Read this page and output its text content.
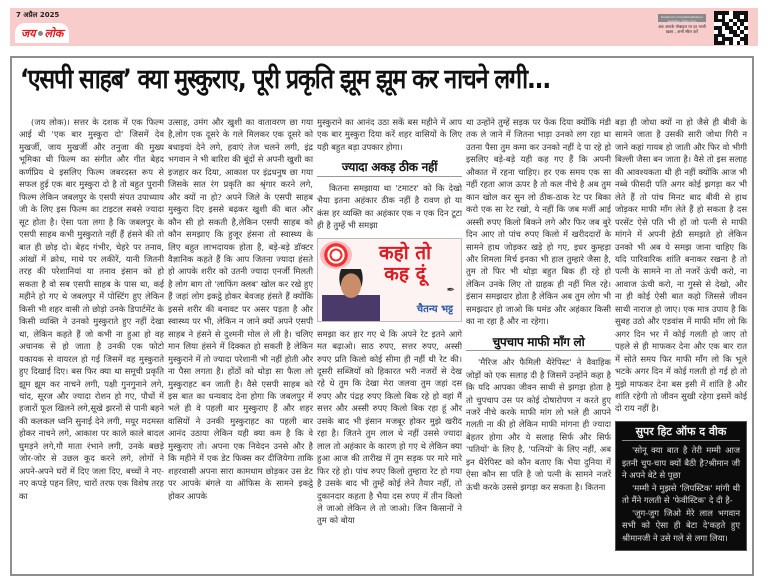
7 अप्रैल 2025
जय लोक
facebook.com/jailokjabalpur website: jailok.com
अब आपके मोबाइल पर हर ताजी ख़बर , अभी स्कैन करें
‘एसपी साहब’ क्या मुस्कुराए, पूरी प्रकृति झूम झूम कर नाचने लगी...

(जय लोक)। सत्तर के दशक में एक फिल्म आई थी 'एक बार मुस्कुरा दो' जिसमें देव मुखर्जी, जाय मुखर्जी और तनुजा की मुख्य भूमिका थी फिल्म का संगीत और गीत बेहद कर्णप्रिय थे इसलिए फिल्म जबरदस्त रूप से सफल हुई एक बार मुस्कुरा दो है तो बहुत पुरानी फिल्म लेकिन जबलपुर के एसपी संपत उपाध्याय जी के लिए इस फिल्म का टाइटल सबसे ज्यादा सूट होता है। ऐसा पता लगा है कि जबलपुर के एसपी साहब कभी मुस्कुराते नहीं हैं हंसने की तो बात ही छोड़ दो। बेहद गंभीर, चेहरे पर तनाव, आंखों में क्रोध, माथे पर लकीरें, यानी जितनी तरह की परेशानियां या तनाव इंसान को हो सकता है वो सब एसपी साहब के पास था, कई महीने हो गए थे जबलपुर में पोस्टिंग हुए लेकिन किसी भी शहर वासी तो छोड़ो उनके डिपार्टमेंट के किसी व्यक्ति ने उनको मुस्कुराते हुए नहीं देखा था, लेकिन कहते हैं जो कभी ना हुआ हो वह अचानक से हो जाता है उनकी एक फोटो यकायक से वायरल हो गई जिसमें वह मुस्कुराते हुए दिखाई दिए। बस फिर क्या था समूची प्रकृति झूम झूम कर नाचने लगी, पक्षी गुनगुनाने लगे, चांद, सूरज और ज्यादा रोशन हो गए, पौधों में हजारों फूल खिलने लगे,सूखे झरनों से पानी बहने की कलकल ध्वनि सुनाई देने लगी, मयूर मदमस्त होकर नाचने लगे, आकाश पर काले काले बादल घुमड़ने लगे,गौ माता रंभाने लगी, उनके बछड़े जोर-जोर से उछल कूद करने लगे, लोगों ने अपने-अपने घरों में दिए जला दिए, बच्चों ने नए-नए कपड़े पहन लिए, चारों तरफ एक विशेष तरह का

उत्साह, उमंग और खुशी का वातावरण छा गया है,लोग एक दूसरे के गले मिलकर एक दूसरे को बधाइयां देने लगे, हवाएं तेज चलने लगी, इंद्र भगवान ने भी बारिश की बूंदों से अपनी खुशी का इजहार कर दिया, आकाश पर इंद्रधनुष छा गया जिसके सात रंग प्रकृति का श्रृंगार करने लगे, और क्यों ना हो? अपने जिले के एसपी साहब मुस्कुरा दिए इससे बढ़कर खुशी की बात और कौन सी हो सकती है,लेकिन एसपी साहब को कौन समझाए कि हुजूर हंसना तो स्वास्थ्य के लिए बहुत लाभदायक होता है, बड़े-बड़े डॉक्टर वैज्ञानिक कहते हैं कि आप जितना ज्यादा हंसते हो आपके शरीर को उतनी ज्यादा एनर्जी मिलती है लोग बाग तो 'लाफिंग क्लब' खोल कर रखे हुए हैं जहां लोग इकट्ठे होकर बेवजह हंसते हैं क्योंकि इससे शरीर की बनावट पर असर पड़ता है और स्वास्थ्य पर भी, लेकिन न जाने क्यों अपने एसपी साहब ने हंसने से दुश्मनी मोल ले ली है। चलिए मान लिया हंसने में दिक्कत हो सकती है लेकिन मुस्कुराने में तो ज्यादा परेशानी भी नहीं होती और ना पैसा लगता है। होंठों को थोड़ा सा फैला लो मुस्कुराहट बन जाती है। वैसे एसपी साहब को इस बात का धन्यवाद देना होगा कि जबलपुर में भले ही वे पहली बार मुस्कुराए हैं और शहर वासियों ने उनकी मुस्कुराहट का पहली बार आनंद उठाया लेकिन यही क्या कम है कि वे मुस्कुराए तो। अपना एक निवेदन उनसे और है कि महीने में एक डेट फिक्स कर दीजियेगा ताकि शहरवासी अपना सारा कामधाम छोड़कर उस डेट पर आपके बंगले या ऑफिस के सामने इकट्ठे होकर आपके

मुस्कुराने का आनंद उठा सकें बस महीने में आप एक बार मुस्कुरा दिया करें शहर वासियों के लिए यही बहुत बड़ा उपकार होगा।

ज्यादा अकड़ ठीक नहीं

कितना समझाया था 'टमाटर' को कि देखो भैया इतना अहंकार ठीक नहीं है रावण हो या कंस हर व्यक्ति का अहंकार एक न एक दिन टूटा ही है तुम्हें भी समझा

कहो तो
कह दूं
✒
चैतन्य भट्ट

समझा कर हार गए थे कि अपने रेट इतने आगे मत बढ़ाओ। साठ रुपए, सत्तर रुपए, अस्सी रुपए प्रति किलो कोई सीमा ही नहीं थी रेट की। दूसरी सब्जियों को हिकारत भरी नजरों से देख रहे थे तुम कि देखा मेरा जलवा तुम जहां दस रुपए और पंद्रह रुपए किलो बिक रहे हो वहां मैं सत्तर और अस्सी रुपए किलो बिक रहा हूं और उसके बाद भी इंसान मजबूर होकर मुझे खरीद रहा है। जितने तुम लाल थे नहीं उससे ज्यादा लाल तो अहंकार के कारण हो गए थे लेकिन क्या हुआ आज की तारीख में तुम सड़क पर मारे मारे फिर रहे हो। पांच रुपए किलो तुम्हारा रेट हो गया है उसके बाद भी तुम्हें कोई लेने तैयार नहीं, तो दुकानदार कहता है भैया दस रुपए में तीन किलो ले जाओ लेकिन ले तो जाओ। जिन किसानों ने तुम को बोया

था उन्होंने तुम्हें सड़क पर फेंक दिया क्योंकि मंडी तक ले जाने में जितना भाड़ा उनको लग रहा था उतना पैसा तुम कमा कर उनको नहीं दे पा रहे हो इसलिए बड़े-बड़े यही कह गए हैं कि अपनी औकात में रहना चाहिए। हर एक समय एक सा नहीं रहता आज ऊपर है तो कल नीचे है अब तुम कान खोल कर सुन लो ठीक-ठाक रेट पर बिका करो एक सा रेट रखो, ये नहीं कि जब मर्जी आई अस्सी रुपए किलो बिकने लगे और फिर जब बुरे दिन आए तो पांच रुपए किलो में खरीददारों के सामने हाथ जोड़कर खड़े हो गए, इधर कुम्हड़ा और शिमला मिर्च इनका भी हाल तुम्हारे जैसा है, तुम तो फिर भी थोड़ा बहुत बिक ही रहे हो लेकिन उनके लिए तो ग्राहक ही नहीं मिल रहे। इंसान समझदार होता है लेकिन अब तुम लोग भी समझदार हो जाओ कि घमंड और अहंकार किसी का ना रहा है और ना रहेगा।

चुपचाप माफी माँग लो

'मैरिज और फैमिली थैरेपिस्ट' ने वैवाहिक जोड़ों को एक सलाह दी है जिसमें उन्होंने कहा है कि यदि आपका जीवन साथी से झगड़ा होता है तो चुपचाप उस पर कोई दोषारोपण न करते हुए नजरें नीचे करके माफी मांग लो भले ही आपने गलती ना की हो लेकिन माफी मांगना ही ज्यादा बेहतर होगा और ये सलाह सिर्फ और सिर्फ 'पतियों' के लिए है, 'पत्नियों' के लिए नहीं, अब इन थैरेपिस्ट को कौन बताए कि भैया दुनिया में ऐसा कौन सा पति है जो पत्नी के सामने नजरें ऊंची करके उससे झगड़ा कर सकता है। कितना

बड़ा ही जोधा क्यों ना हो जैसे ही बीवी के सामने जाता है उसकी सारी जोधा गिरी न जाने कहां गायब हो जाती और फिर वो भीगी बिल्ली जैसा बन जाता है। वैसे तो इस सलाह की आवश्यकता थी ही नहीं क्योंकि आज भी नब्बे फीसदी पति अगर कोई झगड़ा कर भी लेते हैं तो पांच मिनट बाद बीवी से हाथ जोड़कर माफी माँग लेते हैं हो सकता है दस परसेंट ऐसे पति भी हों जो पत्नी से माफी मांगने में अपनी हेठी समझते हो लेकिन उनको भी अब ये समझ जाना चाहिए कि यदि पारिवारिक शांति बनाकर रखना है तो पत्नी के सामने ना तो नजरें ऊंची करो, ना आवाज ऊंची करो, ना गुस्से से देखो, और ना ही कोई ऐसी बात कहो जिससे जीवन साथी नाराज हो जाए। एक मात्र उपाय है कि सुबह उठो और एडवांस में माफी माँग लो कि अगर दिन भर में कोई गलती हो जाए तो पहले से ही माफकर देना और एक बार रात में सोते समय फिर माफी माँग लो कि भूले भटके अगर दिन में कोई गलती हो गई हो तो मुझे माफकर देना बस इसी में शांति है और शांति रहेगी तो जीवन सुखी रहेगा इसमें कोई दो राय नहीं है।

सुपर हिट ऑफ द वीक

'सोनू क्या बात है तेरी मम्मी आज इतनी चुप-चाप क्यों बैठी है?श्रीमान जी ने अपने बेटे से पूछा

'मम्मी ने मुझसे 'लिपस्टिक' मांगी थी तो मैंने गलती से 'फेवीस्टिक' दे दी है-

'जुग-जुग जिओ मेरे लाल भगवान सभी को ऐसा ही बेटा दे'कहते हुए श्रीमानजी ने उसे गले से लगा लिया।
